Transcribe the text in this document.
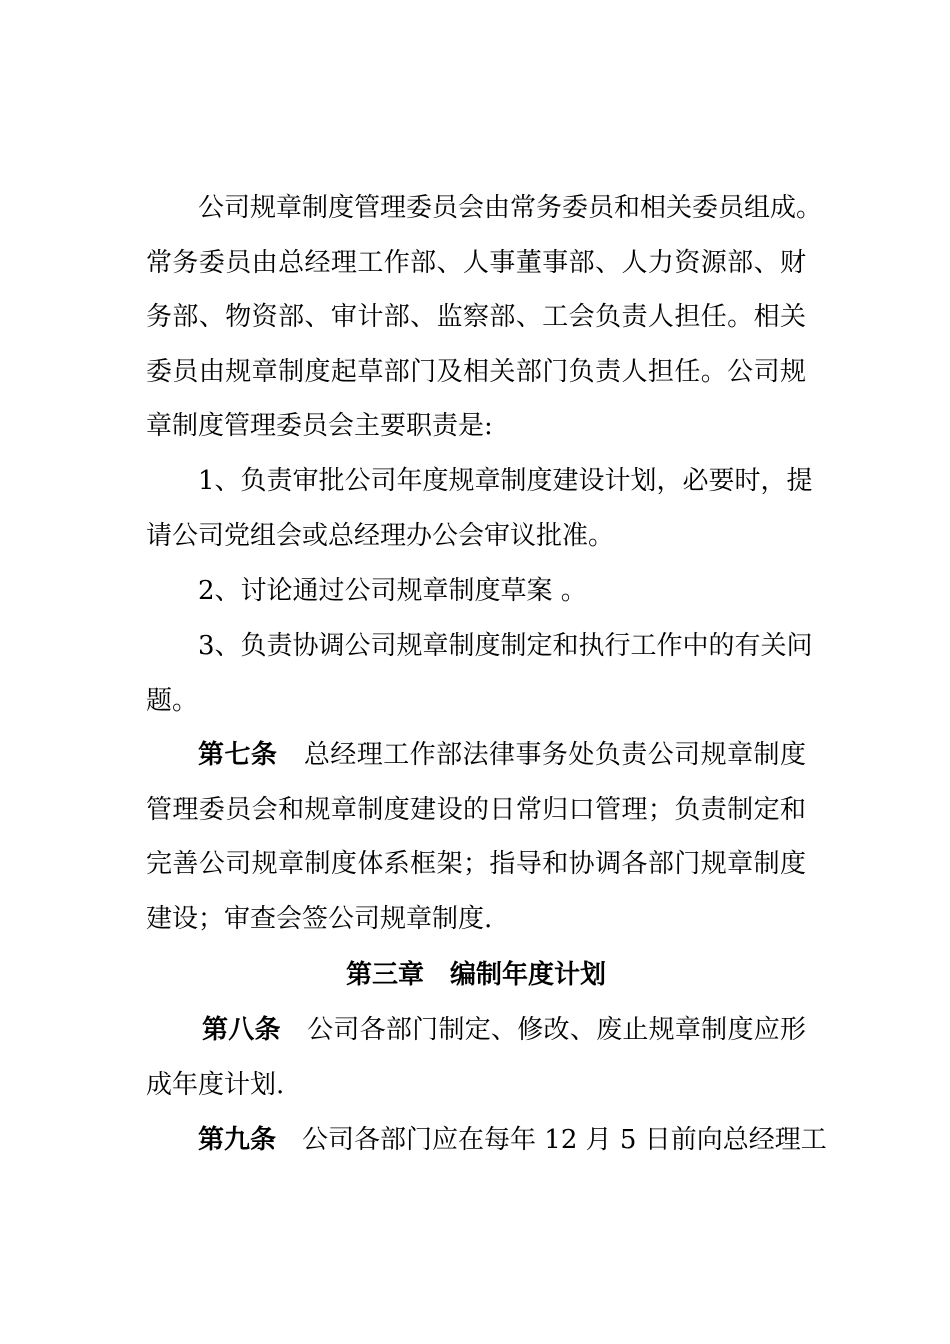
公司规章制度管理委员会由常务委员和相关委员组成。
常务委员由总经理工作部、人事董事部、人力资源部、财
务部、物资部、审计部、监察部、工会负责人担任。相关
委员由规章制度起草部门及相关部门负责人担任。公司规
章制度管理委员会主要职责是:
1、负责审批公司年度规章制度建设计划，必要时，提
请公司党组会或总经理办公会审议批准。
2、讨论通过公司规章制度草案 。
3、负责协调公司规章制度制定和执行工作中的有关问
题。
第七条 总经理工作部法律事务处负责公司规章制度
管理委员会和规章制度建设的日常归口管理；负责制定和
完善公司规章制度体系框架；指导和协调各部门规章制度
建设；审查会签公司规章制度.
第三章　编制年度计划
第八条 公司各部门制定、修改、废止规章制度应形
成年度计划.
第九条 公司各部门应在每年 12 月 5 日前向总经理工
